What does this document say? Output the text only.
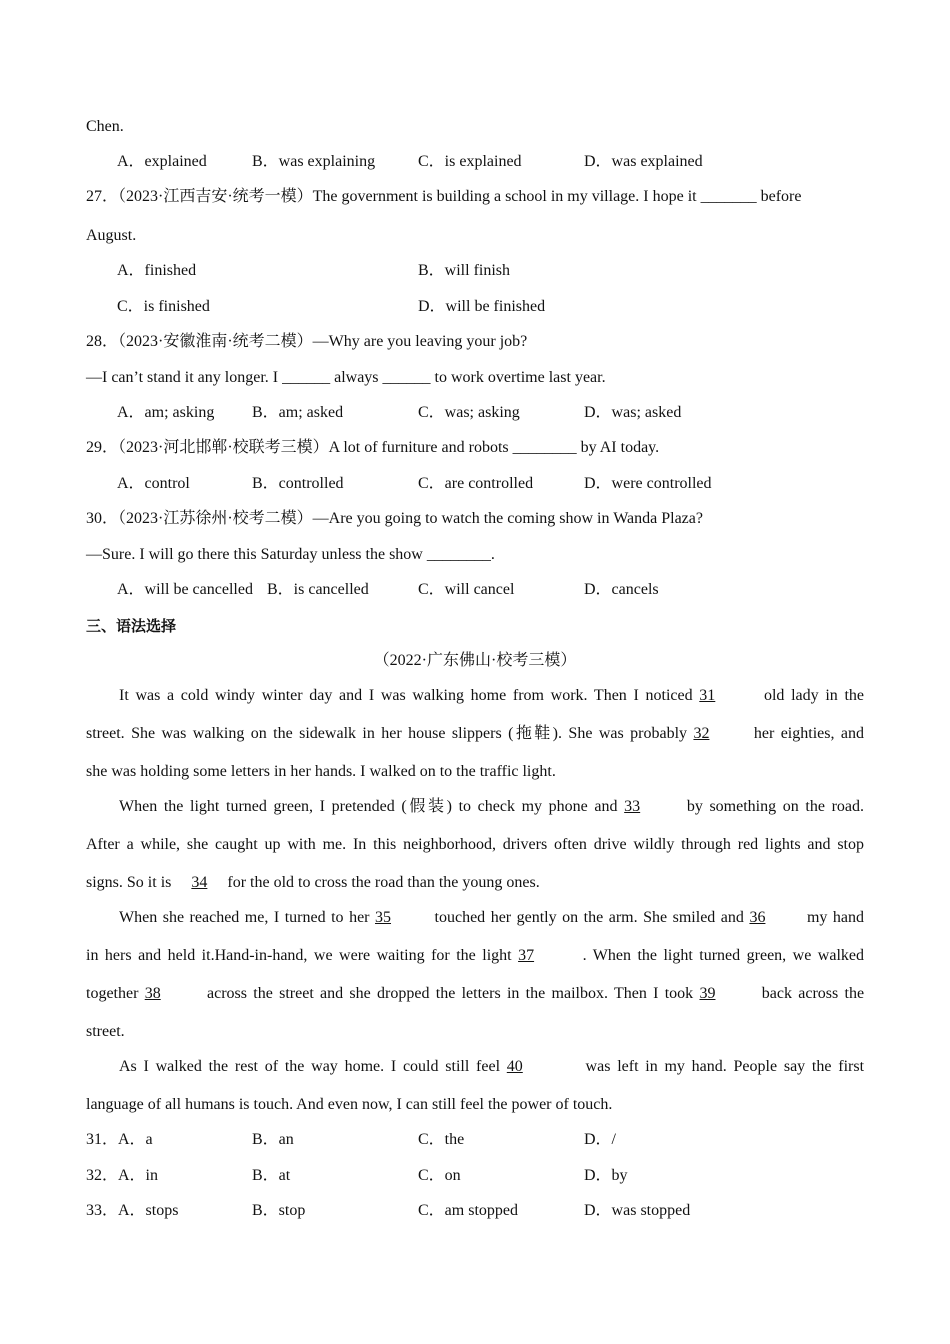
Chen.
A．explained	B．was explaining	C．is explained	D．was explained
27．（2023·江西吉安·统考一模）The government is building a school in my village. I hope it _______ before
August.
A．finished	B．will finish
C．is finished	D．will be finished
28．（2023·安徽淮南·统考二模）—Why are you leaving your job?
—I can’t stand it any longer. I ______ always ______ to work overtime last year.
A．am; asking B．am; asked	C．was; asking	D．was; asked
29．（2023·河北邯郸·校联考三模）A lot of furniture and robots ________ by AI today.
A．control	B．controlled	C．are controlled	D．were controlled
30．（2023·江苏徐州·校考二模）—Are you going to watch the coming show in Wanda Plaza?
—Sure. I will go there this Saturday unless the show ________.
A．will be cancelled B．is cancelled	C．will cancel	D．cancels
三、语法选择
（2022·广东佛山·校考三模）
It was a cold windy winter day and I was walking home from work. Then I noticed 31	old lady in the
street. She was walking on the sidewalk in her house slippers (拖鞋). She was probably 32	her eighties, and
she was holding some letters in her hands. I walked on to the traffic light.
When the light turned green, I pretended (假装) to check my phone and 33	by something on the road.
After a while, she caught up with me. In this neighborhood, drivers often drive wildly through red lights and stop
signs. So it is 34 for the old to cross the road than the young ones.
When she reached me, I turned to her 35	touched her gently on the arm. She smiled and 36	my hand
in hers and held it.Hand-in-hand, we were waiting for the light 37	. When the light turned green, we walked
together 38	across the street and she dropped the letters in the mailbox. Then I took 39	back across the
street.
As I walked the rest of the way home. I could still feel 40	was left in my hand. People say the first
language of all humans is touch. And even now, I can still feel the power of touch.
31．A．a	B．an	C．the	D．/
32．A．in	B．at	C．on	D．by
33．A．stops	B．stop	C．am stopped	D．was stopped
